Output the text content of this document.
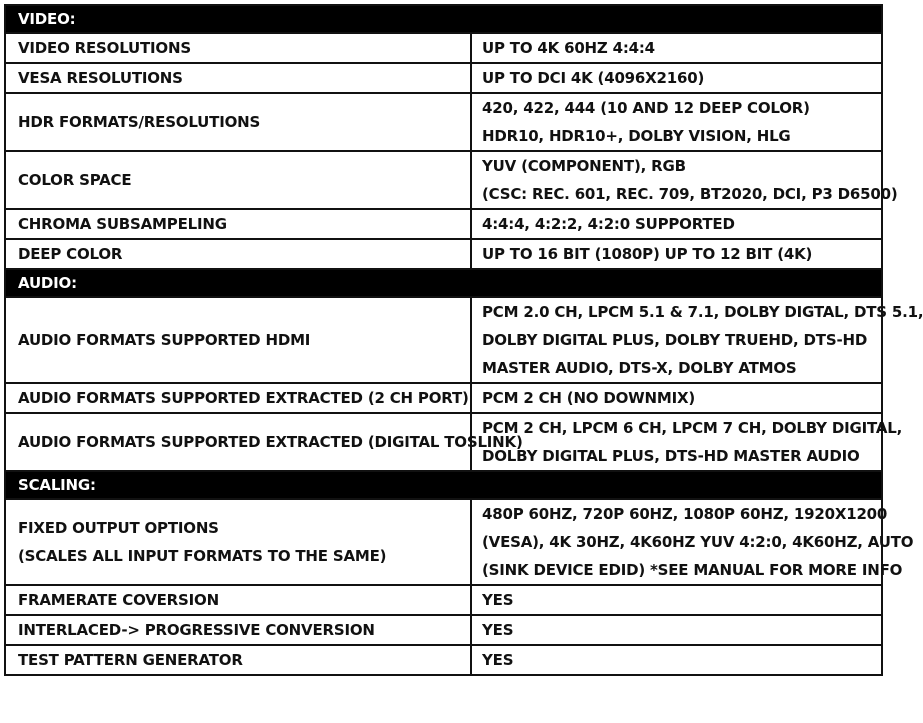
VIDEO:	
VIDEO RESOLUTIONS	UP TO 4K 60HZ 4:4:4

VESA RESOLUTIONS	UP TO DCI 4K (4096X2160)

HDR FORMATS/RESOLUTIONS	420, 422, 444 (10 AND 12 DEEP COLOR)
HDR10, HDR10+, DOLBY VISION, HLG

COLOR SPACE	YUV (COMPONENT), RGB
(CSC: REC. 601, REC. 709, BT2020, DCI, P3 D6500)

CHROMA SUBSAMPELING	4:4:4, 4:2:2, 4:2:0 SUPPORTED

DEEP COLOR	UP TO 16 BIT (1080P) UP TO 12 BIT (4K)

AUDIO:	
AUDIO FORMATS SUPPORTED HDMI	PCM 2.0 CH, LPCM 5.1 & 7.1, DOLBY DIGTAL, DTS 5.1,
DOLBY DIGITAL PLUS, DOLBY TRUEHD, DTS-HD
MASTER AUDIO, DTS-X, DOLBY ATMOS

AUDIO FORMATS SUPPORTED EXTRACTED (2 CH PORT)	PCM 2 CH (NO DOWNMIX)

AUDIO FORMATS SUPPORTED EXTRACTED (DIGITAL TOSLINK)	PCM 2 CH, LPCM 6 CH, LPCM 7 CH, DOLBY DIGITAL,
DOLBY DIGITAL PLUS, DTS-HD MASTER AUDIO

SCALING:	

FIXED OUTPUT OPTIONS
(SCALES ALL INPUT FORMATS TO THE SAME)	480P 60HZ, 720P 60HZ, 1080P 60HZ, 1920X1200
(VESA), 4K 30HZ, 4K60HZ YUV 4:2:0, 4K60HZ, AUTO
(SINK DEVICE EDID) *SEE MANUAL FOR MORE INFO

FRAMERATE COVERSION	YES

INTERLACED-> PROGRESSIVE CONVERSION	YES

TEST PATTERN GENERATOR	YES
